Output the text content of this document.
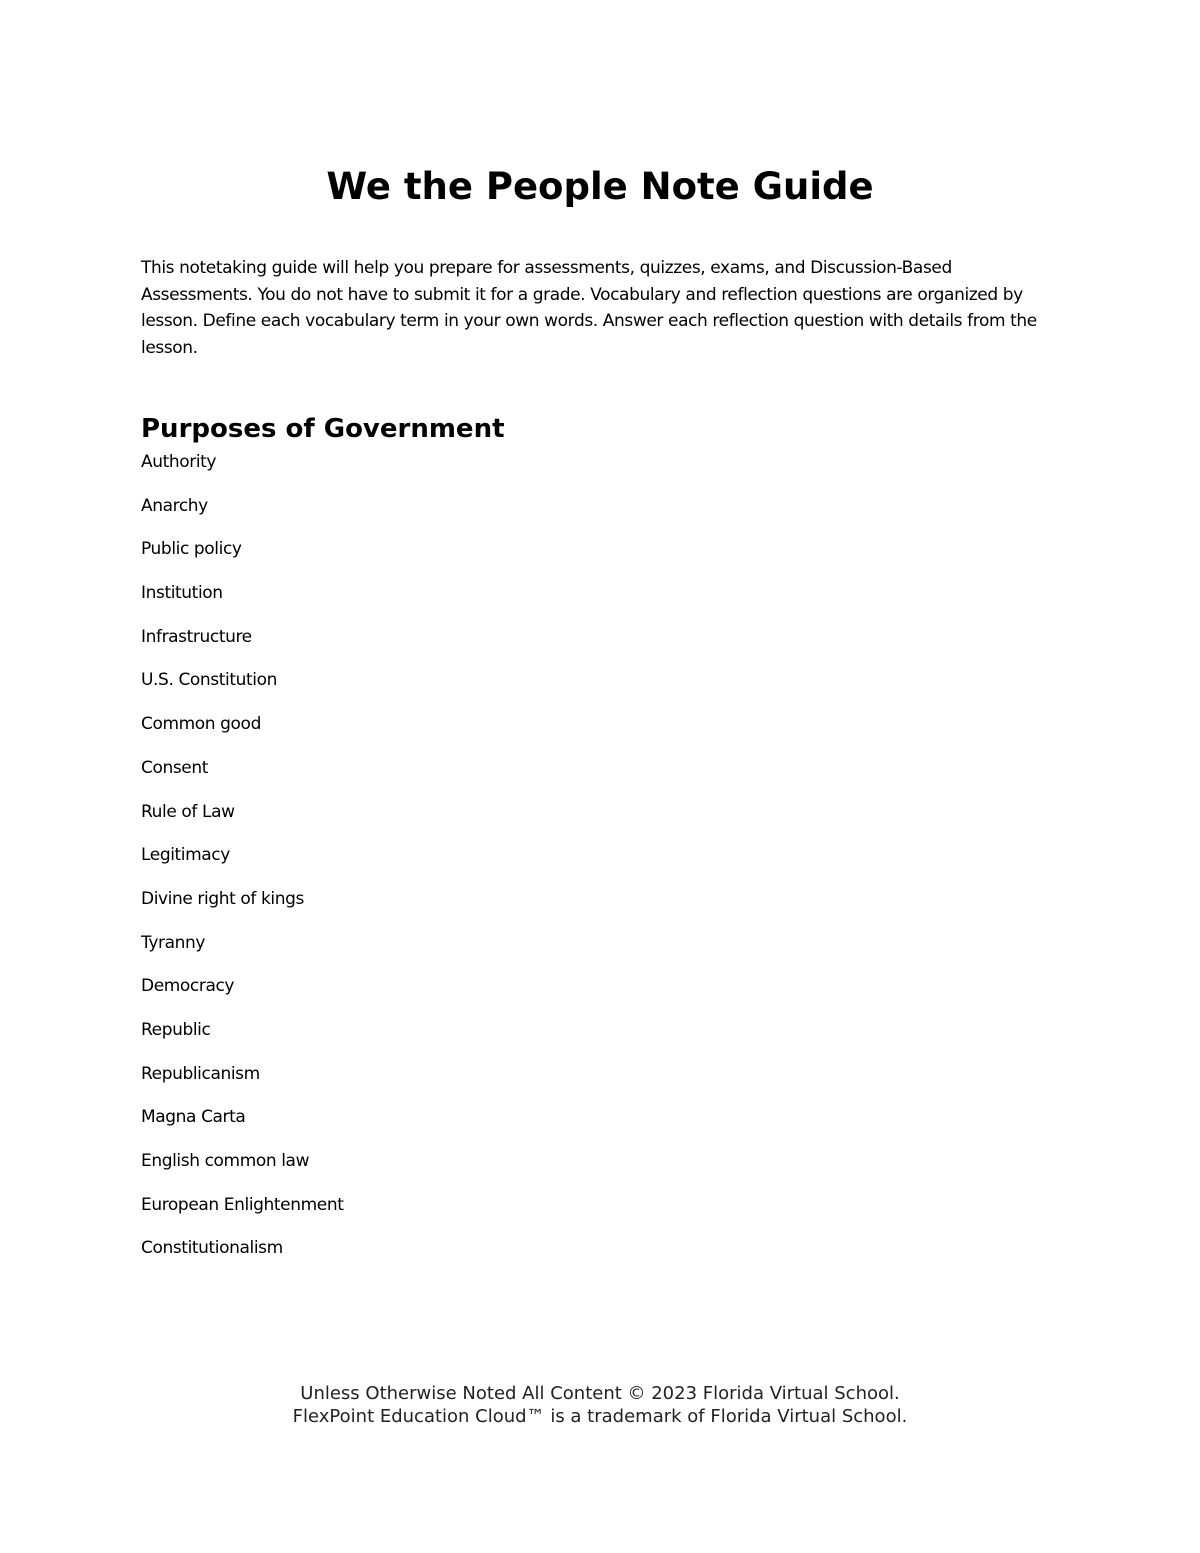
We the People Note Guide

This notetaking guide will help you prepare for assessments, quizzes, exams, and Discussion-Based Assessments. You do not have to submit it for a grade. Vocabulary and reflection questions are organized by lesson. Define each vocabulary term in your own words. Answer each reflection question with details from the lesson.

Purposes of Government
Authority
Anarchy
Public policy
Institution
Infrastructure
U.S. Constitution
Common good
Consent
Rule of Law
Legitimacy
Divine right of kings
Tyranny
Democracy
Republic
Republicanism
Magna Carta
English common law
European Enlightenment
Constitutionalism
Unless Otherwise Noted All Content © 2023 Florida Virtual School.
FlexPoint Education Cloud™ is a trademark of Florida Virtual School.
